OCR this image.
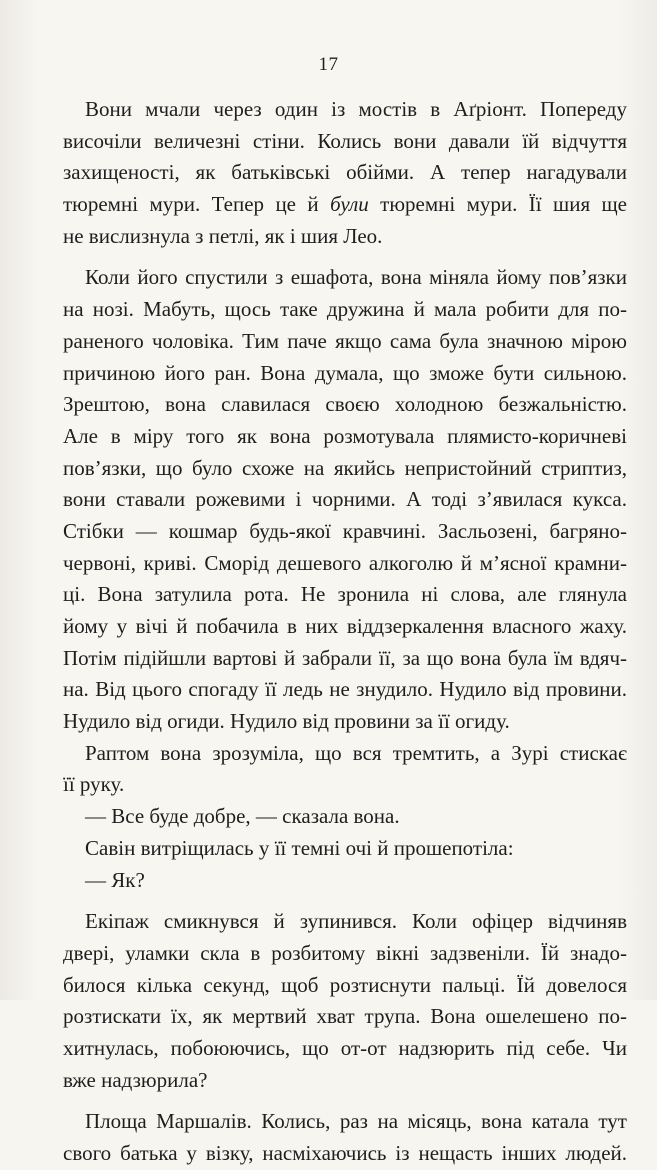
17
Вони мчали через один із мостів в Аґріонт. Попереду
височіли величезні стіни. Колись вони давали їй відчуття
захищеності, як батьківські обійми. А тепер нагадували
тюремні мури. Тепер це й були тюремні мури. Її шия ще
не вислизнула з петлі, як і шия Лео.
Коли його спустили з ешафота, вона міняла йому пов’язки
на нозі. Мабуть, щось таке дружина й мала робити для по-
раненого чоловіка. Тим паче якщо сама була значною мірою
причиною його ран. Вона думала, що зможе бути сильною.
Зрештою, вона славилася своєю холодною безжальністю.
Але в міру того як вона розмотувала плямисто-коричневі
пов’язки, що було схоже на якийсь непристойний стриптиз,
вони ставали рожевими і чорними. А тоді з’явилася кукса.
Стібки — кошмар будь-якої кравчині. Засльозені, багряно-
червоні, криві. Сморід дешевого алкоголю й м’ясної крамни-
ці. Вона затулила рота. Не зронила ні слова, але глянула
йому у вічі й побачила в них віддзеркалення власного жаху.
Потім підійшли вартові й забрали її, за що вона була їм вдяч-
на. Від цього спогаду її ледь не знудило. Нудило від провини.
Нудило від огиди. Нудило від провини за її огиду.
Раптом вона зрозуміла, що вся тремтить, а Зурі стискає
її руку.
— Все буде добре, — сказала вона.
Савін витріщилась у її темні очі й прошепотіла:
— Як?
Екіпаж смикнувся й зупинився. Коли офіцер відчиняв
двері, уламки скла в розбитому вікні задзвеніли. Їй знадо-
билося кілька секунд, щоб розтиснути пальці. Їй довелося
розтискати їх, як мертвий хват трупа. Вона ошелешено по-
хитнулась, побоюючись, що от-от надзюрить під себе. Чи
вже надзюрила?
Площа Маршалів. Колись, раз на місяць, вона катала тут
свого батька у візку, насміхаючись із нещасть інших людей.
